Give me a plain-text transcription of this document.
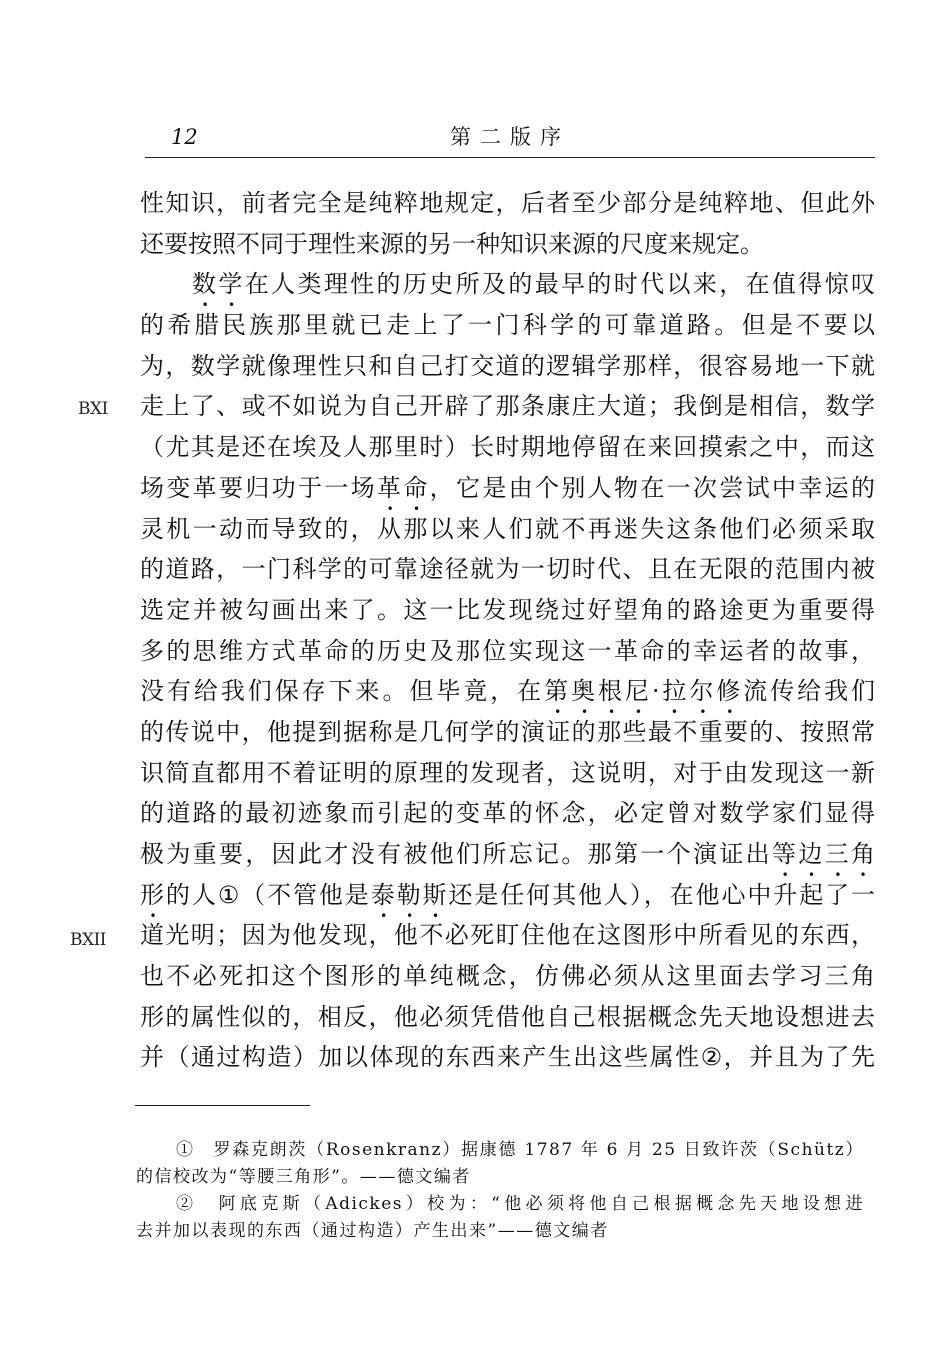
12	第二版序
BXI
BXII
性知识，前者完全是纯粹地规定，后者至少部分是纯粹地、但此外
还要按照不同于理性来源的另一种知识来源的尺度来规定。
数学在人类理性的历史所及的最早的时代以来，在值得惊叹
的希腊民族那里就已走上了一门科学的可靠道路。但是不要以
为，数学就像理性只和自己打交道的逻辑学那样，很容易地一下就
走上了、或不如说为自己开辟了那条康庄大道；我倒是相信，数学
（尤其是还在埃及人那里时）长时期地停留在来回摸索之中，而这
场变革要归功于一场革命，它是由个别人物在一次尝试中幸运的
灵机一动而导致的，从那以来人们就不再迷失这条他们必须采取
的道路，一门科学的可靠途径就为一切时代、且在无限的范围内被
选定并被勾画出来了。这一比发现绕过好望角的路途更为重要得
多的思维方式革命的历史及那位实现这一革命的幸运者的故事，
没有给我们保存下来。但毕竟，在第奥根尼·拉尔修流传给我们
的传说中，他提到据称是几何学的演证的那些最不重要的、按照常
识简直都用不着证明的原理的发现者，这说明，对于由发现这一新
的道路的最初迹象而引起的变革的怀念，必定曾对数学家们显得
极为重要，因此才没有被他们所忘记。那第一个演证出等边三角
形的人①（不管他是泰勒斯还是任何其他人），在他心中升起了一
道光明；因为他发现，他不必死盯住他在这图形中所看见的东西，
也不必死扣这个图形的单纯概念，仿佛必须从这里面去学习三角
形的属性似的，相反，他必须凭借他自己根据概念先天地设想进去
并（通过构造）加以体现的东西来产生出这些属性②，并且为了先
①　罗森克朗茨（Rosenkranz）据康德 1787 年 6 月 25 日致许茨（Schütz）
的信校改为“等腰三角形”。——德文编者
②　阿底克斯（Adickes）校为：“他必须将他自己根据概念先天地设想进
去并加以表现的东西（通过构造）产生出来”——德文编者
